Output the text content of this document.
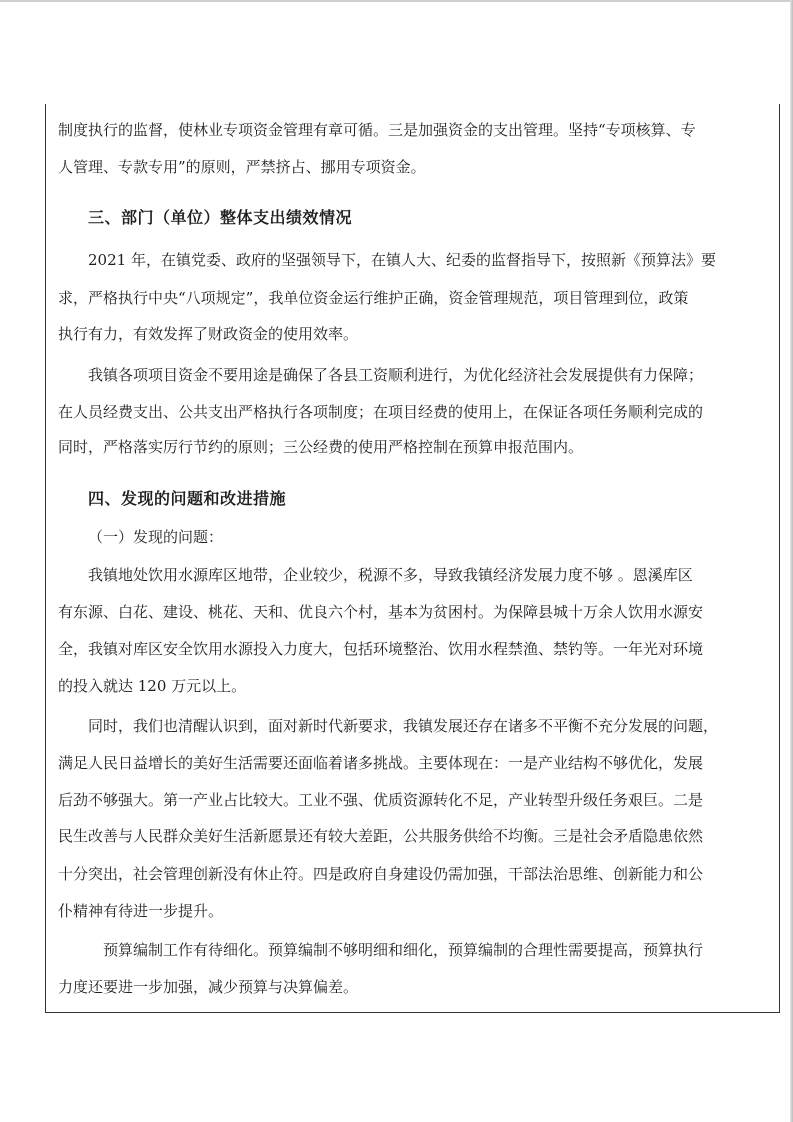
制度执行的监督，使林业专项资金管理有章可循。三是加强资金的支出管理。坚持“专项核算、专
人管理、专款专用”的原则，严禁挤占、挪用专项资金。
三、部门（单位）整体支出绩效情况
2021 年，在镇党委、政府的坚强领导下，在镇人大、纪委的监督指导下，按照新《预算法》要
求，严格执行中央“八项规定”，我单位资金运行维护正确，资金管理规范，项目管理到位，政策
执行有力，有效发挥了财政资金的使用效率。
我镇各项项目资金不要用途是确保了各县工资顺利进行，为优化经济社会发展提供有力保障；
在人员经费支出、公共支出严格执行各项制度；在项目经费的使用上，在保证各项任务顺利完成的
同时，严格落实厉行节约的原则；三公经费的使用严格控制在预算申报范围内。
四、发现的问题和改进措施
（一）发现的问题：
我镇地处饮用水源库区地带，企业较少，税源不多，导致我镇经济发展力度不够 。恩溪库区
有东源、白花、建设、桃花、天和、优良六个村，基本为贫困村。为保障县城十万余人饮用水源安
全，我镇对库区安全饮用水源投入力度大，包括环境整治、饮用水程禁渔、禁钓等。一年光对环境
的投入就达 120 万元以上。
同时，我们也清醒认识到，面对新时代新要求，我镇发展还存在诸多不平衡不充分发展的问题，
满足人民日益增长的美好生活需要还面临着诸多挑战。主要体现在：一是产业结构不够优化，发展
后劲不够强大。第一产业占比较大。工业不强、优质资源转化不足，产业转型升级任务艰巨。二是
民生改善与人民群众美好生活新愿景还有较大差距，公共服务供给不均衡。三是社会矛盾隐患依然
十分突出，社会管理创新没有休止符。四是政府自身建设仍需加强，干部法治思维、创新能力和公
仆精神有待进一步提升。
预算编制工作有待细化。预算编制不够明细和细化，预算编制的合理性需要提高，预算执行
力度还要进一步加强，减少预算与决算偏差。
